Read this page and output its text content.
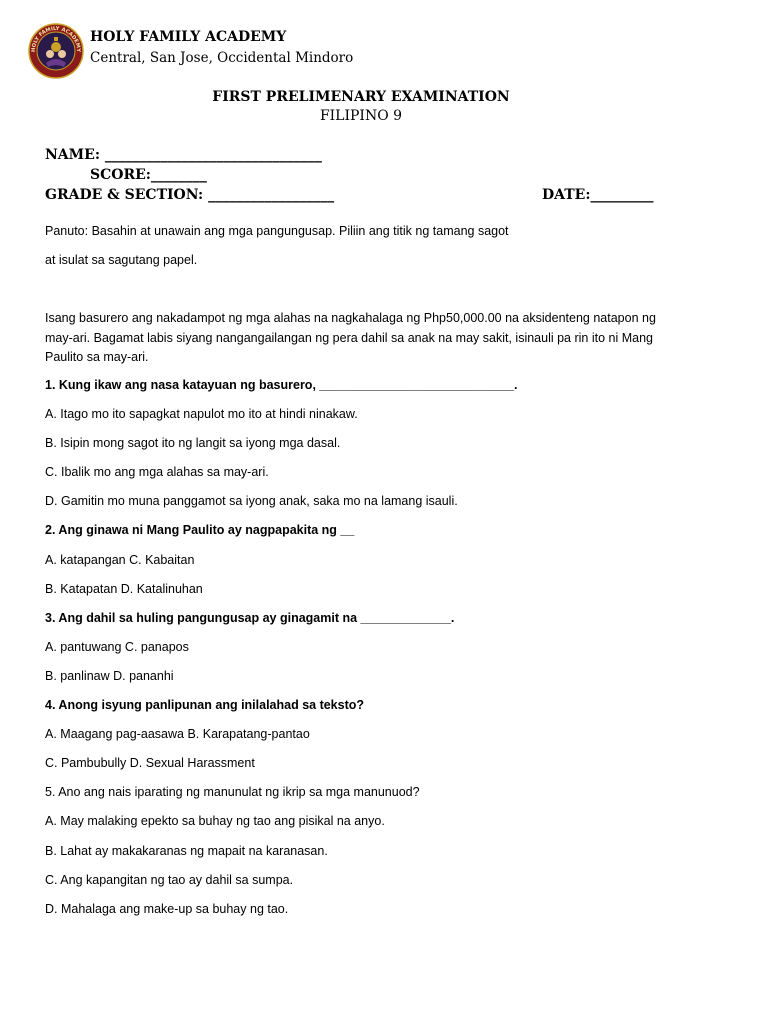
HOLY FAMILY ACADEMY
HOLY FAMILY ACADEMY
Central, San Jose, Occidental Mindoro
FIRST PRELIMENARY EXAMINATION
FILIPINO 9
NAME: _______________________________
SCORE:________
GRADE & SECTION: __________________	DATE:_________
Panuto: Basahin at unawain ang mga pangungusap. Piliin ang titik ng tamang sagot
at isulat sa sagutang papel.
Isang basurero ang nakadampot ng mga alahas na nagkahalaga ng Php50,000.00 na aksidenteng natapon ng may-ari. Bagamat labis siyang nangangailangan ng pera dahil sa anak na may sakit, isinauli pa rin ito ni Mang Paulito sa may-ari.
1. Kung ikaw ang nasa katayuan ng basurero, ____________________________.
A. Itago mo ito sapagkat napulot mo ito at hindi ninakaw.
B. Isipin mong sagot ito ng langit sa iyong mga dasal.
C. Ibalik mo ang mga alahas sa may-ari.
D. Gamitin mo muna panggamot sa iyong anak, saka mo na lamang isauli.
2. Ang ginawa ni Mang Paulito ay nagpapakita ng __
A. katapangan C. Kabaitan
B. Katapatan D. Katalinuhan
3. Ang dahil sa huling pangungusap ay ginagamit na _____________.
A. pantuwang C. panapos
B. panlinaw D. pananhi
4. Anong isyung panlipunan ang inilalahad sa teksto?
A. Maagang pag-aasawa B. Karapatang-pantao
C. Pambubully D. Sexual Harassment
5. Ano ang nais iparating ng manunulat ng ikrip sa mga manunuod?
A. May malaking epekto sa buhay ng tao ang pisikal na anyo.
B. Lahat ay makakaranas ng mapait na karanasan.
C. Ang kapangitan ng tao ay dahil sa sumpa.
D. Mahalaga ang make-up sa buhay ng tao.
